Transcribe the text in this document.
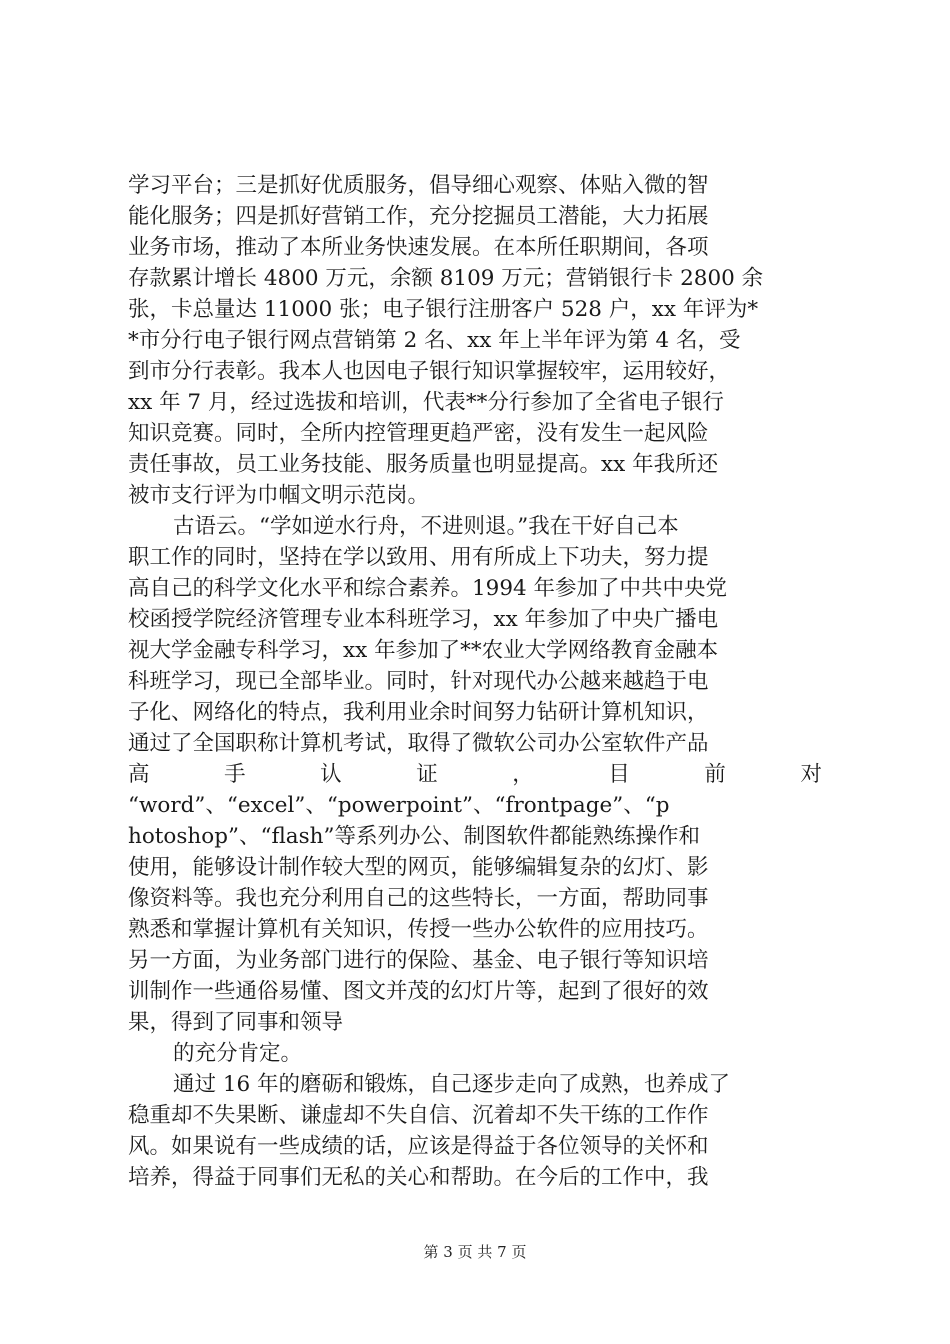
学习平台；三是抓好优质服务，倡导细心观察、体贴入微的智
能化服务；四是抓好营销工作，充分挖掘员工潜能，大力拓展
业务市场，推动了本所业务快速发展。在本所任职期间，各项
存款累计增长 4800 万元，余额 8109 万元；营销银行卡 2800 余
张，卡总量达 11000 张；电子银行注册客户 528 户，xx 年评为*
*市分行电子银行网点营销第 2 名、xx 年上半年评为第 4 名，受
到市分行表彰。我本人也因电子银行知识掌握较牢，运用较好，
xx 年 7 月，经过选拔和培训，代表**分行参加了全省电子银行
知识竞赛。同时，全所内控管理更趋严密，没有发生一起风险
责任事故，员工业务技能、服务质量也明显提高。xx 年我所还
被市支行评为巾帼文明示范岗。
古语云。“学如逆水行舟，不进则退。”我在干好自己本
职工作的同时，坚持在学以致用、用有所成上下功夫，努力提
高自己的科学文化水平和综合素养。1994 年参加了中共中央党
校函授学院经济管理专业本科班学习，xx 年参加了中央广播电
视大学金融专科学习，xx 年参加了**农业大学网络教育金融本
科班学习，现已全部毕业。同时，针对现代办公越来越趋于电
子化、网络化的特点，我利用业余时间努力钻研计算机知识，
通过了全国职称计算机考试，取得了微软公司办公室软件产品
高	手	认	证	，	目	前	对
“word”、“excel”、“powerpoint”、“frontpage”、“p
hotoshop”、“flash”等系列办公、制图软件都能熟练操作和
使用，能够设计制作较大型的网页，能够编辑复杂的幻灯、影
像资料等。我也充分利用自己的这些特长，一方面，帮助同事
熟悉和掌握计算机有关知识，传授一些办公软件的应用技巧。
另一方面，为业务部门进行的保险、基金、电子银行等知识培
训制作一些通俗易懂、图文并茂的幻灯片等，起到了很好的效
果，得到了同事和领导
的充分肯定。
通过 16 年的磨砺和锻炼，自己逐步走向了成熟，也养成了
稳重却不失果断、谦虚却不失自信、沉着却不失干练的工作作
风。如果说有一些成绩的话，应该是得益于各位领导的关怀和
培养，得益于同事们无私的关心和帮助。在今后的工作中，我
第 3 页 共 7 页
